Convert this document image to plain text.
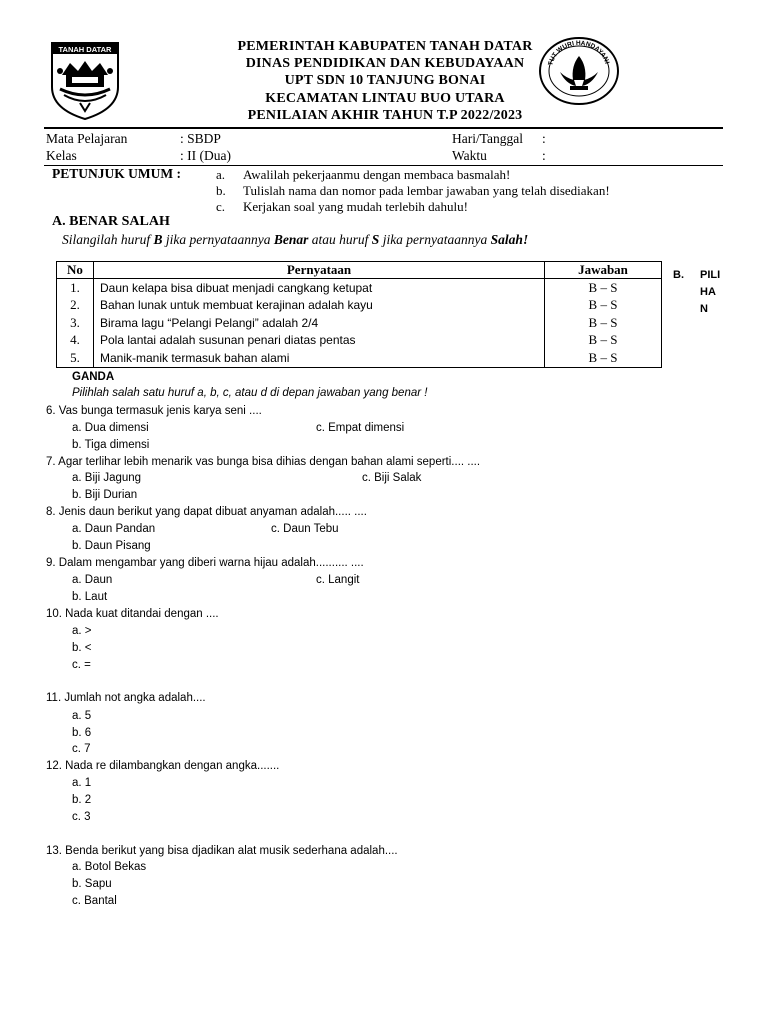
TANAH DATAR	PEMERINTAH KABUPATEN TANAH DATAR
DINAS PENDIDIKAN DAN KEBUDAYAAN
UPT SDN 10 TANJUNG BONAI
KECAMATAN LINTAU BUO UTARA
PENILAIAN AKHIR TAHUN T.P 2022/2023
TUT WURI HANDAYANI
Mata Pelajaran	: SBDP	Hari/Tanggal :
Kelas	: II (Dua)	Waktu	:
PETUNJUK UMUM :	a. Awalilah pekerjaanmu dengan membaca basmalah!
b. Tulislah nama dan nomor pada lembar jawaban yang telah disediakan!
c. Kerjakan soal yang mudah terlebih dahulu!
A. BENAR SALAH
Silangilah huruf B jika pernyataannya Benar atau huruf S jika pernyataannya Salah!
No	Pernyataan	Jawaban
1.	Daun kelapa bisa dibuat menjadi cangkang ketupat	B – S
2.	Bahan lunak untuk membuat kerajinan adalah kayu	B – S
3.	Birama lagu “Pelangi Pelangi” adalah 2/4	B – S
4.	Pola lantai adalah susunan penari diatas pentas	B – S
5.	Manik-manik termasuk bahan alami	B – S
B. PILI
HA
N
GANDA
Pilihlah salah satu huruf a, b, c, atau d di depan jawaban yang benar !
6. Vas bunga termasuk jenis karya seni ....
a. Dua dimensi	c. Empat dimensi
b. Tiga dimensi
7. Agar terlihar lebih menarik vas bunga bisa dihias dengan bahan alami seperti.... ....
a. Biji Jagung	c. Biji Salak
b. Biji Durian
8. Jenis daun berikut yang dapat dibuat anyaman adalah..... ....
a. Daun Pandan	c. Daun Tebu
b. Daun Pisang
9. Dalam mengambar yang diberi warna hijau adalah.......... ....
a. Daun	c. Langit
b. Laut
10. Nada kuat ditandai dengan ....
a. >
b. <
c. =
11. Jumlah not angka adalah....
a. 5
b. 6
c. 7
12. Nada re dilambangkan dengan angka.......
a. 1
b. 2
c. 3
13. Benda berikut yang bisa djadikan alat musik sederhana adalah....
a. Botol Bekas
b. Sapu
c. Bantal
